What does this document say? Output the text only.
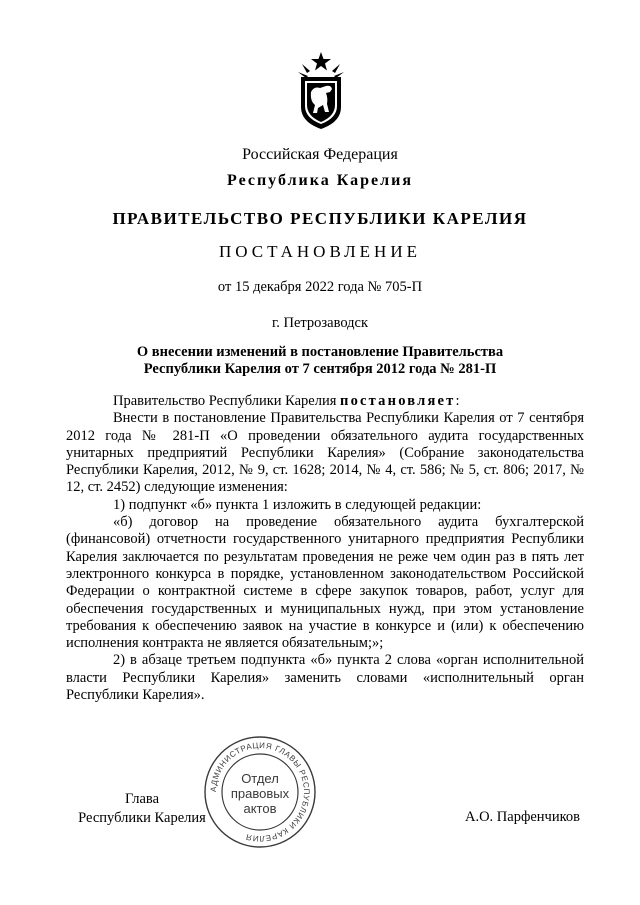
Российская Федерация
Республика Карелия
ПРАВИТЕЛЬСТВО РЕСПУБЛИКИ КАРЕЛИЯ
ПОСТАНОВЛЕНИЕ
от 15 декабря 2022 года № 705-П
г. Петрозаводск
О внесении изменений в постановление Правительства
Республики Карелия от 7 сентября 2012 года № 281-П

Правительство Республики Карелия постановляет:

Внести в постановление Правительства Республики Карелия от 7 сентября 2012 года № 281-П «О проведении обязательного аудита государственных унитарных предприятий Республики Карелия» (Собрание законодательства Республики Карелия, 2012, № 9, ст. 1628; 2014, № 4, ст. 586; № 5, ст. 806; 2017, № 12, ст. 2452) следующие изменения:

1) подпункт «б» пункта 1 изложить в следующей редакции:

«б) договор на проведение обязательного аудита бухгалтерской (финансовой) отчетности государственного унитарного предприятия Республики Карелия заключается по результатам проведения не реже чем один раз в пять лет электронного конкурса в порядке, установленном законодательством Российской Федерации о контрактной системе в сфере закупок товаров, работ, услуг для обеспечения государственных и муниципальных нужд, при этом установление требования к обеспечению заявок на участие в конкурсе и (или) к обеспечению исполнения контракта не является обязательным;»;

2) в абзаце третьем подпункта «б» пункта 2 слова «орган исполнительной власти Республики Карелия» заменить словами «исполнительный орган Республики Карелия».

Глава
Республики Карелия	А.О. Парфенчиков
АДМИНИСТРАЦИЯ ГЛАВЫ РЕСПУБЛИКИ КАРЕЛИЯ
Отдел
правовых
актов
